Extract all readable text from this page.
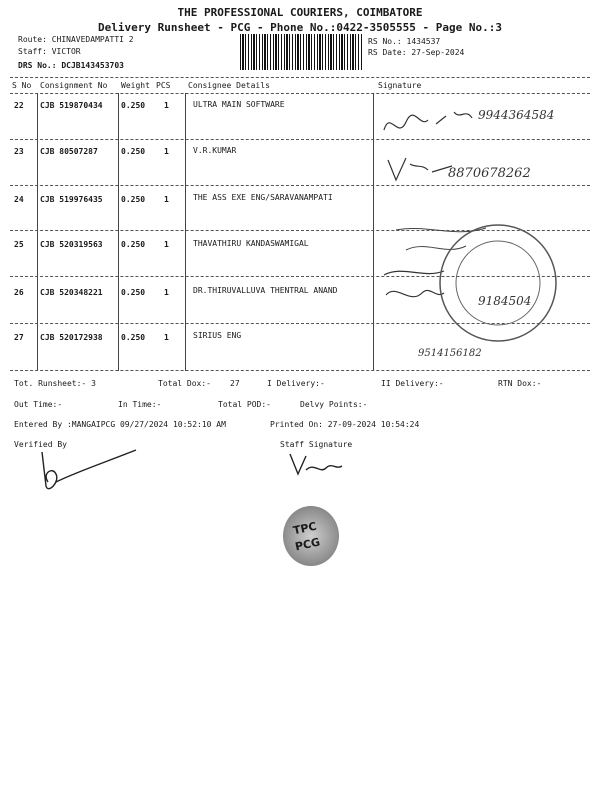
THE PROFESSIONAL COURIERS, COIMBATORE
Delivery Runsheet - PCG - Phone No.:0422-3505555 - Page No.:3
Route: CHINAVEDAMPATTI 2
Staff: VICTOR
DRS No.: DCJB143453703
RS No.: 1434537
RS Date: 27-Sep-2024
S No Consignment No Weight PCS Consignee Details	Signature
22 CJB 519870434 0.250 1	ULTRA MAIN SOFTWARE
23 CJB 80507287	0.250 1	V.R.KUMAR
24 CJB 519976435 0.250 1	THE ASS EXE ENG/SARAVANAMPATI
25 CJB 520319563 0.250 1	THAVATHIRU KANDASWAMIGAL
26 CJB 520348221 0.250 1	DR.THIRUVALLUVA THENTRAL ANAND
27 CJB 520172938 0.250 1	SIRIUS ENG
9944364584
8870678262
9184504
9514156182
Tot. Runsheet:- 3	Total Dox:- 27	I Delivery:-	II Delivery:-	RTN Dox:-
Out Time:-	In Time:-	Total POD:-	Delvy Points:-
Entered By :MANGAIPCG 09/27/2024 10:52:10 AM	Printed On: 27-09-2024 10:54:24
Verified By	Staff Signature
TPC
PCG
